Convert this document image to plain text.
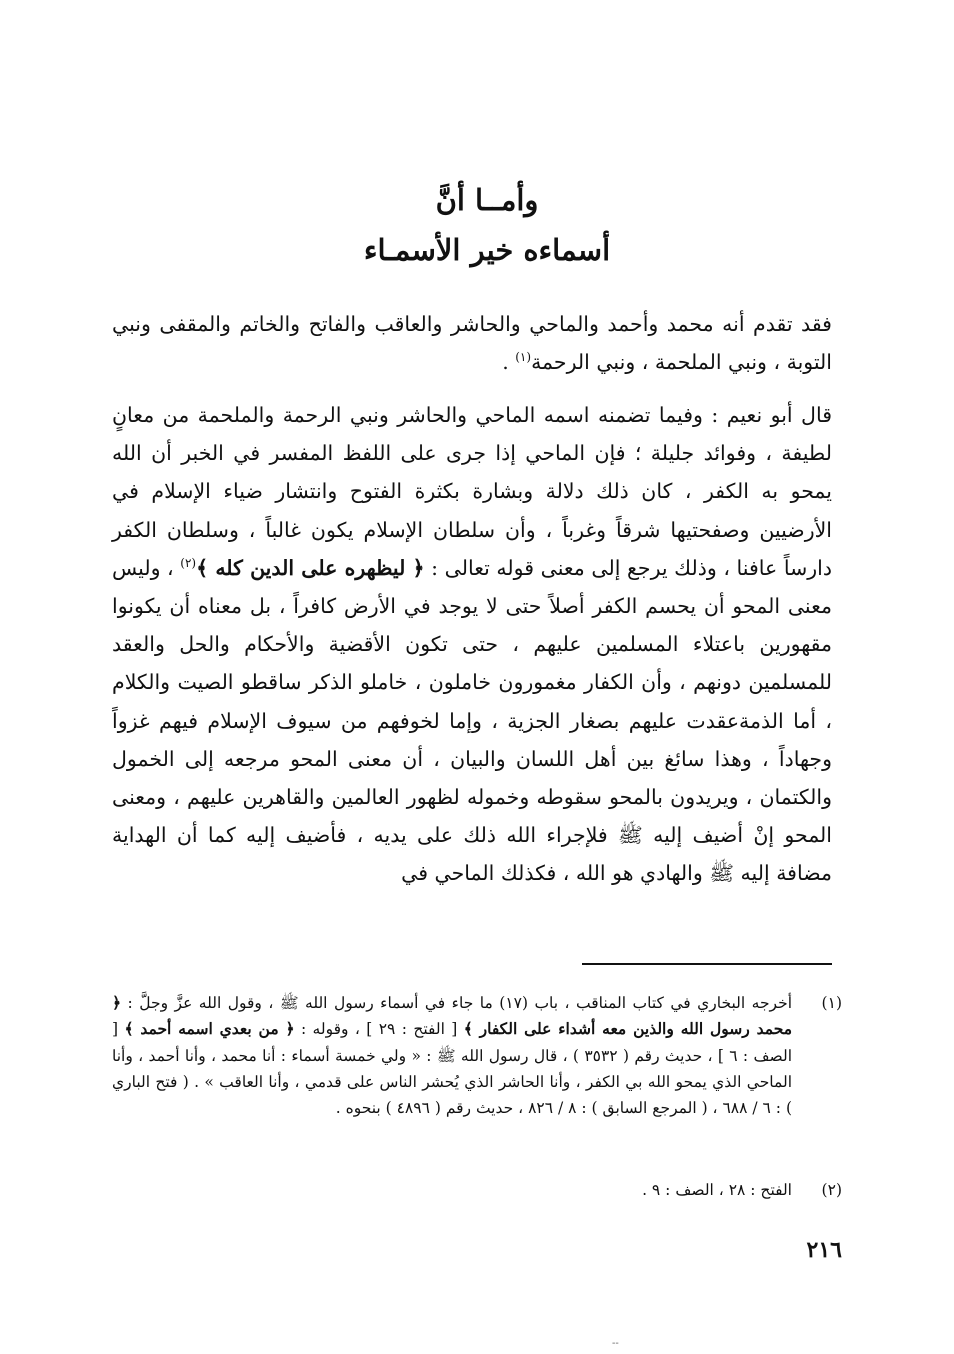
وأمــا أنَّ
أسماءه خير الأسمـاء

فقد تقدم أنه محمد وأحمد والماحي والحاشر والعاقب والفاتح والخاتم والمقفى ونبي التوبة ، ونبي الملحمة ، ونبي الرحمة$^{(١)}$ .

قال أبو نعيم : وفيما تضمنه اسمه الماحي والحاشر ونبي الرحمة والملحمة من معانٍ لطيفة ، وفوائد جليلة ؛ فإن الماحي إذا جرى على اللفظ المفسر في الخبر أن الله يمحو به الكفر ، كان ذلك دلالة وبشارة بكثرة الفتوح وانتشار ضياء الإسلام في الأرضيين وصفحتيها شرقاً وغرباً ، وأن سلطان الإسلام يكون غالباً ، وسلطان الكفر دارساً عافنا ، وذلك يرجع إلى معنى قوله تعالى : ﴿ ليظهره على الدين كله ﴾$^{(٢)}$ ، وليس معنى المحو أن يحسم الكفر أصلاً حتى لا يوجد في الأرض كافراً ، بل معناه أن يكونوا مقهورين باعتلاء المسلمين عليهم ، حتى تكون الأقضية والأحكام والحل والعقد للمسلمين دونهم ، وأن الكفار مغمورون خاملون ، خاملو الذكر ساقطو الصيت والكلام ، أما الذمةعقدت عليهم بصغار الجزية ، وإما لخوفهم من سيوف الإسلام فيهم غزواً وجهاداً ، وهذا سائغ بين أهل اللسان والبيان ، أن معنى المحو مرجعه إلى الخمول والكتمان ، ويريدون بالمحو سقوطه وخموله لظهور العالمين والقاهرين عليهم ، ومعنى المحو إنْ أضيف إليه ﷺ فلإجراء الله ذلك على يديه ، فأضيف إليه كما أن الهداية مضافة إليه ﷺ والهادي هو الله ، فكذلك الماحي في

(١)
أخرجه البخاري في كتاب المناقب ، باب (١٧) ما جاء في أسماء رسول الله ﷺ ، وقول الله عزَّ وجلَّ : ﴿ محمد رسول الله والذين معه أشداء على الكفار ﴾ [ الفتح : ٢٩ ] ، وقوله : ﴿ من بعدي اسمه أحمد ﴾ [ الصف : ٦ ] ، حديث رقم ( ٣٥٣٢ ) ، قال رسول الله ﷺ : « ولي خمسة أسماء : أنا محمد ، وأنا أحمد ، وأنا الماحي الذي يمحو الله بي الكفر ، وأنا الحاشر الذي يُحشر الناس على قدمي ، وأنا العاقب » . ( فتح الباري ) : ٦ / ٦٨٨ ، ( المرجع السابق ) : ٨ / ٨٢٦ ، حديث رقم ( ٤٨٩٦ ) بنحوه .
(٢)
الفتح : ٢٨ ، الصف : ٩ .
٢١٦
--
